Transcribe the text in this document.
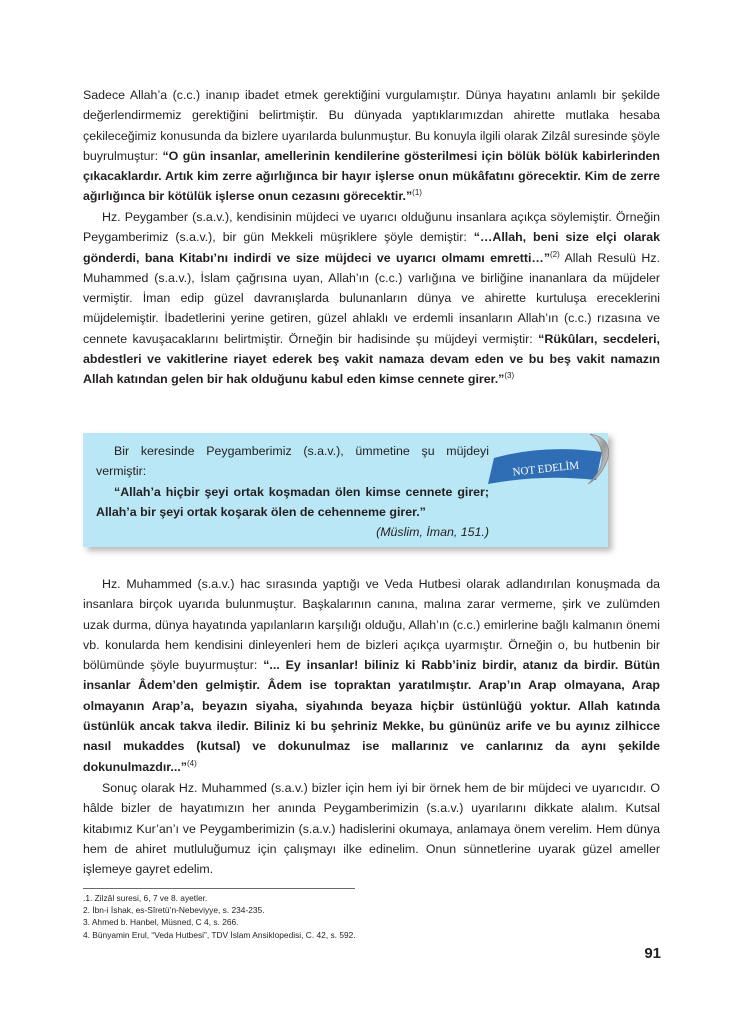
Sadece Allah’a (c.c.) inanıp ibadet etmek gerektiğini vurgulamıştır. Dünya hayatını anlamlı bir şekilde değerlendirmemiz gerektiğini belirtmiştir. Bu dünyada yaptıklarımızdan ahirette mutlaka hesaba çekileceğimiz konusunda da bizlere uyarılarda bulunmuştur. Bu konuyla ilgili olarak Zilzâl suresinde şöyle buyrulmuştur: “O gün insanlar, amellerinin kendilerine gösterilmesi için bölük bölük kabirlerinden çıkacaklardır. Artık kim zerre ağırlığınca bir hayır işlerse onun mükâfatını görecektir. Kim de zerre ağırlığınca bir kötülük işlerse onun cezasını görecektir.”$^{(1)}$

Hz. Peygamber (s.a.v.), kendisinin müjdeci ve uyarıcı olduğunu insanlara açıkça söylemiştir. Örneğin Peygamberimiz (s.a.v.), bir gün Mekkeli müşriklere şöyle demiştir: “…Allah, beni size elçi olarak gönderdi, bana Kitabı’nı indirdi ve size müjdeci ve uyarıcı olmamı emretti…”$^{(2)}$ Allah Resulü Hz. Muhammed (s.a.v.), İslam çağrısına uyan, Allah’ın (c.c.) varlığına ve birliğine inananlara da müjdeler vermiştir. İman edip güzel davranışlarda bulunanların dünya ve ahirette kurtuluşa ereceklerini müjdelemiştir. İbadetlerini yerine getiren, güzel ahlaklı ve erdemli insanların Allah’ın (c.c.) rızasına ve cennete kavuşacaklarını belirtmiştir. Örneğin bir hadisinde şu müjdeyi vermiştir: “Rükûları, secdeleri, abdestleri ve vakitlerine riayet ederek beş vakit namaza devam eden ve bu beş vakit namazın Allah katından gelen bir hak olduğunu kabul eden kimse cennete girer.”$^{(3)}$

Bir keresinde Peygamberimiz (s.a.v.), ümmetine şu müjdeyi vermiştir:

“Allah’a hiçbir şeyi ortak koşmadan ölen kimse cennete girer; Allah’a bir şeyi ortak koşarak ölen de cehenneme girer.”

(Müslim, İman, 151.)

NOT EDELİM

Hz. Muhammed (s.a.v.) hac sırasında yaptığı ve Veda Hutbesi olarak adlandırılan konuşmada da insanlara birçok uyarıda bulunmuştur. Başkalarının canına, malına zarar vermeme, şirk ve zulümden uzak durma, dünya hayatında yapılanların karşılığı olduğu, Allah’ın (c.c.) emirlerine bağlı kalmanın önemi vb. konularda hem kendisini dinleyenleri hem de bizleri açıkça uyarmıştır. Örneğin o, bu hutbenin bir bölümünde şöyle buyurmuştur: “... Ey insanlar! biliniz ki Rabb’iniz birdir, atanız da birdir. Bütün insanlar Âdem’den gelmiştir. Âdem ise topraktan yaratılmıştır. Arap’ın Arap olmayana, Arap olmayanın Arap’a, beyazın siyaha, siyahında beyaza hiçbir üstünlüğü yoktur. Allah katında üstünlük ancak takva iledir. Biliniz ki bu şehriniz Mekke, bu gününüz arife ve bu ayınız zilhicce nasıl mukaddes (kutsal) ve dokunulmaz ise mallarınız ve canlarınız da aynı şekilde dokunulmazdır...”$^{(4)}$

Sonuç olarak Hz. Muhammed (s.a.v.) bizler için hem iyi bir örnek hem de bir müjdeci ve uyarıcıdır. O hâlde bizler de hayatımızın her anında Peygamberimizin (s.a.v.) uyarılarını dikkate alalım. Kutsal kitabımız Kur’an’ı ve Peygamberimizin (s.a.v.) hadislerini okumaya, anlamaya önem verelim. Hem dünya hem de ahiret mutluluğumuz için çalışmayı ilke edinelim. Onun sünnetlerine uyarak güzel ameller işlemeye gayret edelim.

.1. Zilzâl suresi, 6, 7 ve 8. ayetler.
2. İbn-i İshak, es-Sîretü’n-Nebeviyye, s. 234-235.
3. Ahmed b. Hanbel, Müsned, C 4, s. 266.
4. Bünyamin Erul, “Veda Hutbesi”, TDV İslam Ansiklopedisi, C. 42, s. 592.
91
